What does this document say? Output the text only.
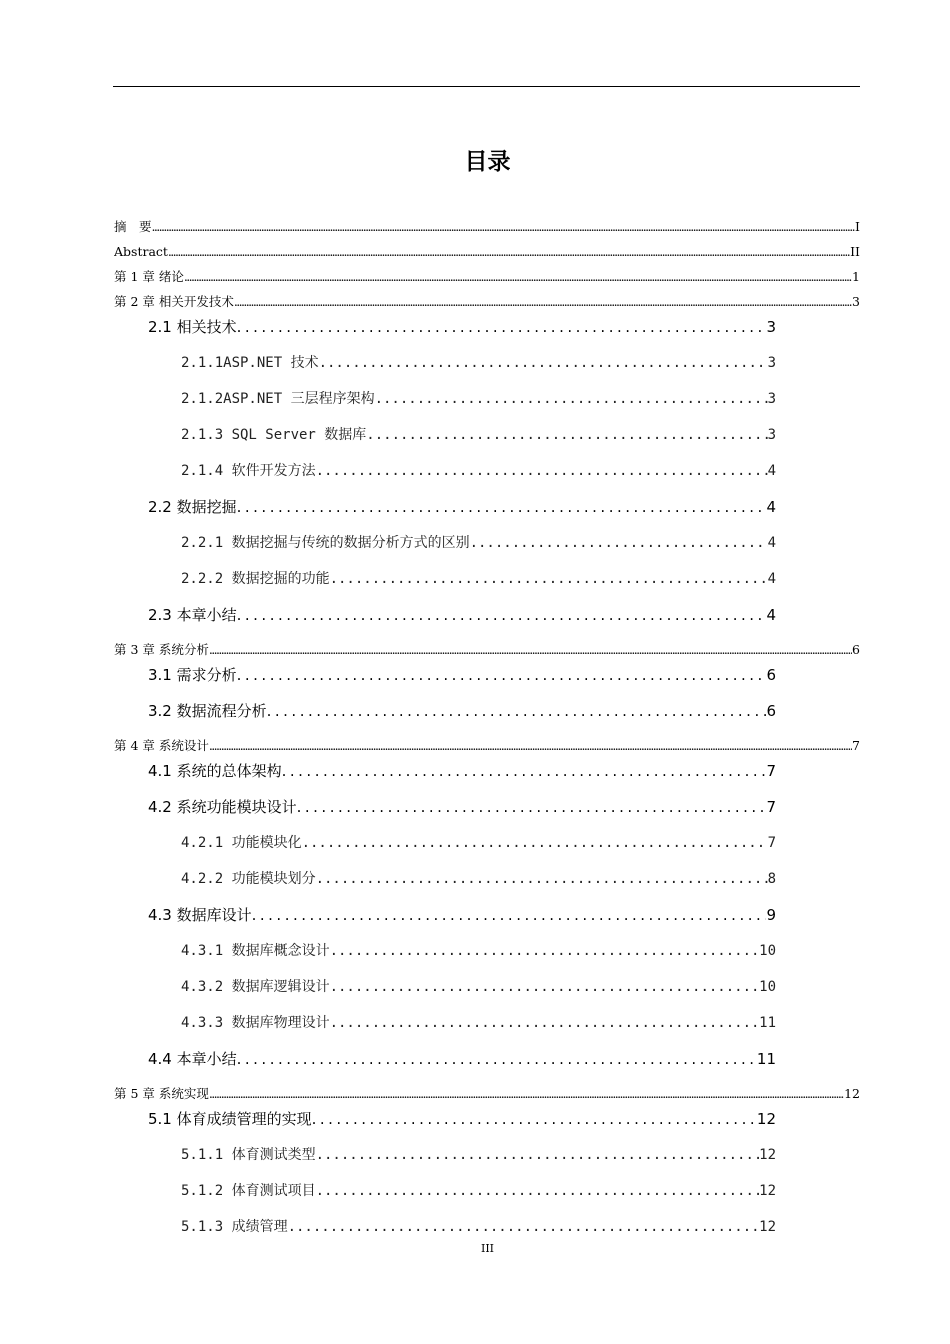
目录
摘　要 .....	I
Abstract .....	II
第 1 章 绪论 .....	1
第 2 章 相关开发技术 .....	3
2.1 相关技术 .....	3
2.1.1ASP.NET 技术 .....	3
2.1.2ASP.NET 三层程序架构 .....	3
2.1.3 SQL Server 数据库 .....	3
2.1.4 软件开发方法 .....	4
2.2 数据挖掘 .....	4
2.2.1 数据挖掘与传统的数据分析方式的区别 .....	4
2.2.2 数据挖掘的功能 .....	4
2.3 本章小结 .....	4
第 3 章 系统分析 .....	6
3.1 需求分析 .....	6
3.2 数据流程分析 .....	6
第 4 章 系统设计 .....	7
4.1 系统的总体架构 .....	7
4.2 系统功能模块设计 .....	7
4.2.1 功能模块化 .....	7
4.2.2 功能模块划分 .....	8
4.3 数据库设计 .....	9
4.3.1 数据库概念设计 .....	10
4.3.2 数据库逻辑设计 .....	10
4.3.3 数据库物理设计 .....	11
4.4 本章小结 .....	11
第 5 章 系统实现 .....	12
5.1 体育成绩管理的实现 .....	12
5.1.1 体育测试类型 .....	12
5.1.2 体育测试项目 .....	12
5.1.3 成绩管理 .....	12
III
